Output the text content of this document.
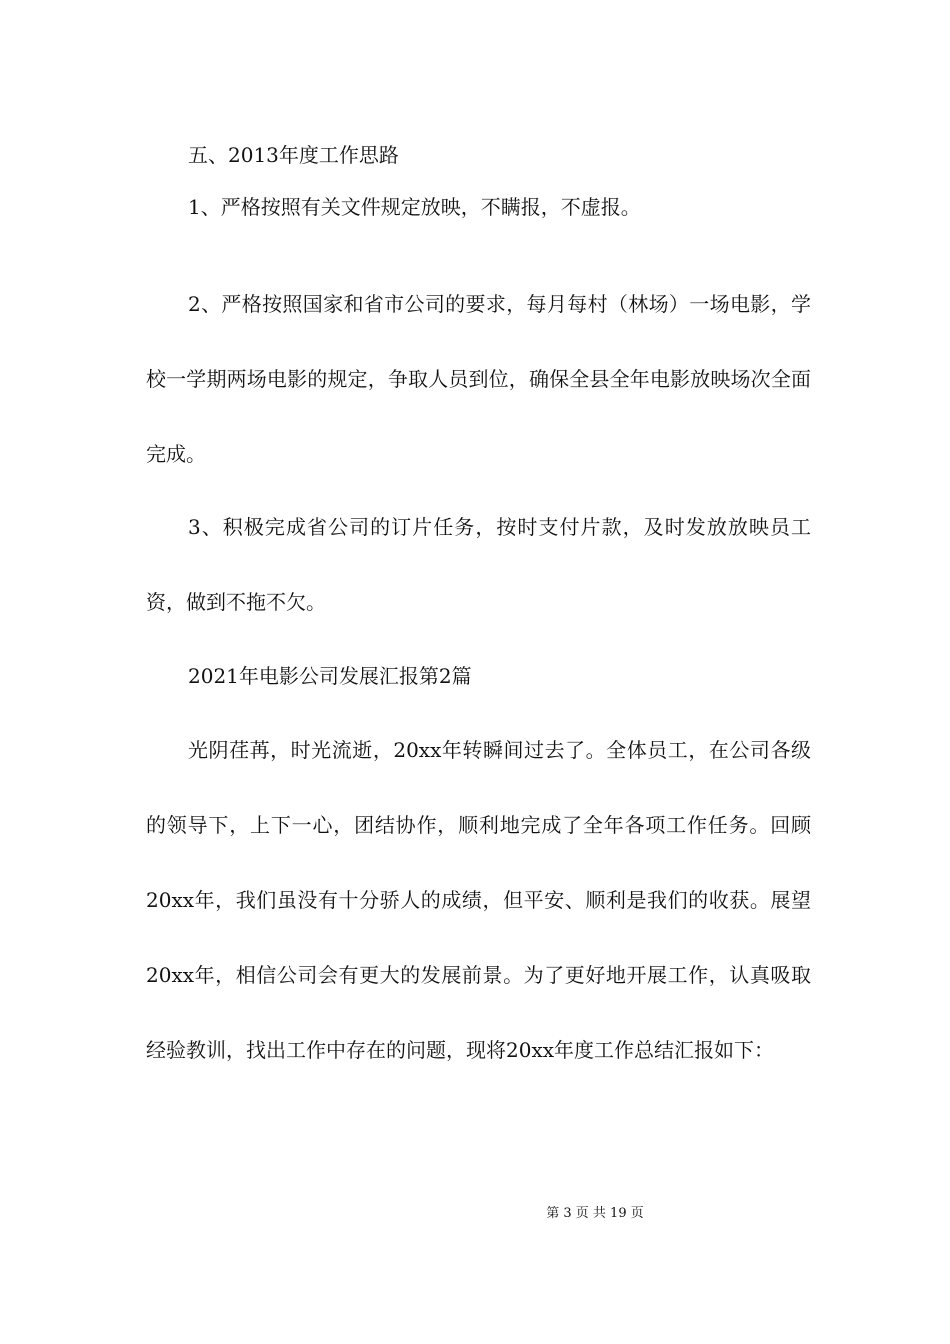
五、2013年度工作思路

1、严格按照有关文件规定放映，不瞒报，不虚报。

2、严格按照国家和省市公司的要求，每月每村（林场）一场电影，学校一学期两场电影的规定，争取人员到位，确保全县全年电影放映场次全面完成。

3、积极完成省公司的订片任务，按时支付片款，及时发放放映员工资，做到不拖不欠。

2021年电影公司发展汇报第2篇

光阴荏苒，时光流逝，20xx年转瞬间过去了。全体员工，在公司各级的领导下，上下一心，团结协作，顺利地完成了全年各项工作任务。回顾20xx年，我们虽没有十分骄人的成绩，但平安、顺利是我们的收获。展望20xx年，相信公司会有更大的发展前景。为了更好地开展工作，认真吸取经验教训，找出工作中存在的问题，现将20xx年度工作总结汇报如下：

第 3 页 共 19 页
